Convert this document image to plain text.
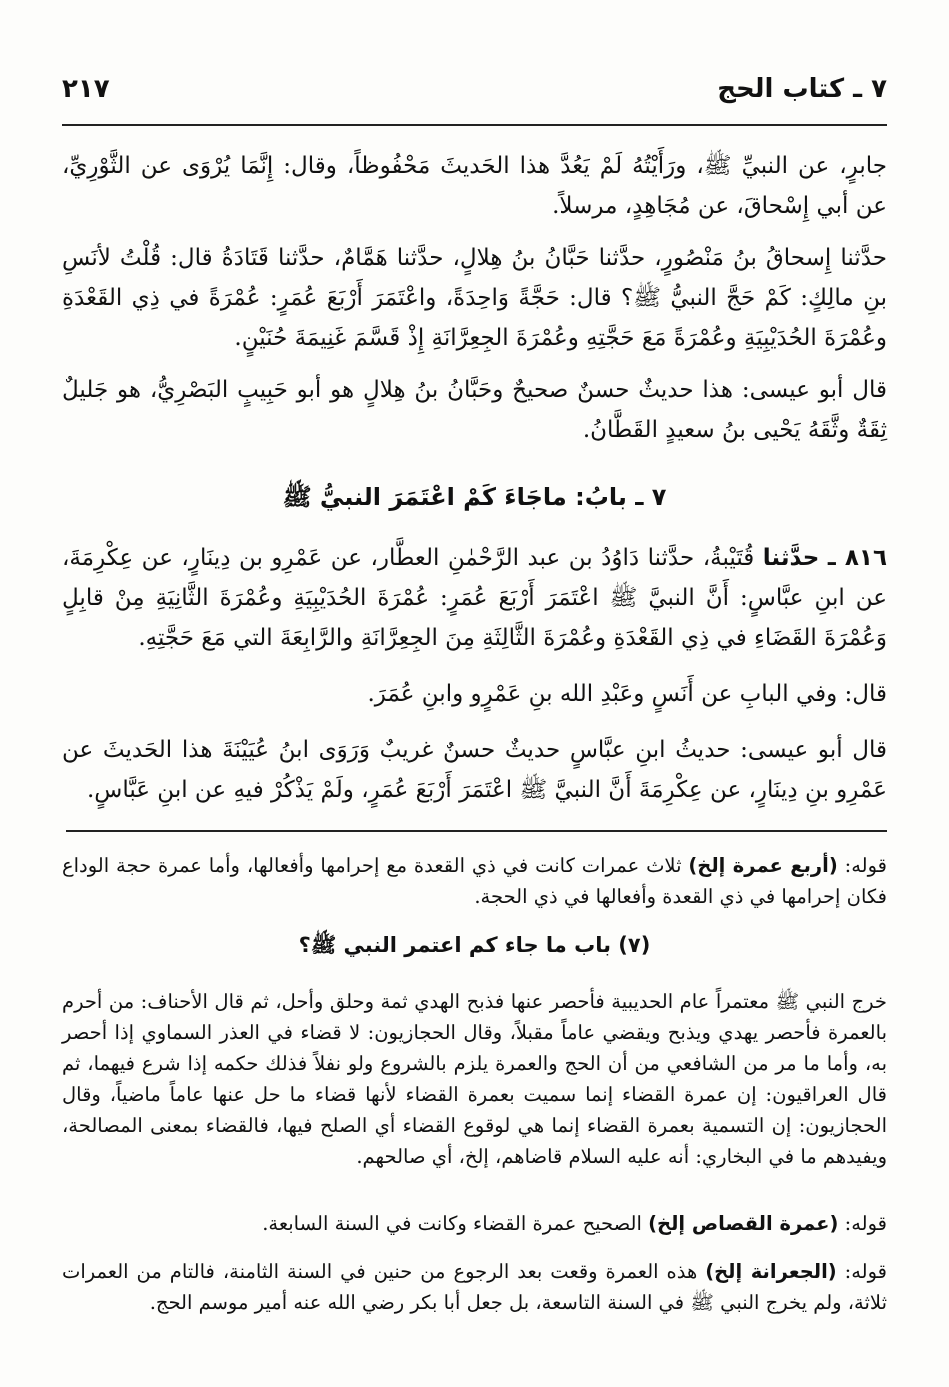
٧ ـ كتاب الحج
٢١٧
جابرٍ، عن النبيِّ ﷺ، ورَأَيْتُهُ لَمْ يَعُدَّ هذا الحَديثَ مَحْفُوظاً، وقال: إِنَّمَا يُرْوَى عن الثَّوْرِيِّ، عن أبي إِسْحاقَ، عن مُجَاهِدٍ، مرسلاً.
حدَّثنا إِسحاقُ بنُ مَنْصُورٍ، حدَّثنا حَبَّانُ بنُ هِلالٍ، حدَّثنا هَمَّامٌ، حدَّثنا قَتَادَةُ قال: قُلْتُ لأنَسِ بنِ مالِكٍ: كَمْ حَجَّ النبيُّ ﷺ؟ قال: حَجَّةً وَاحِدَةً، واعْتَمَرَ أَرْبَعَ عُمَرٍ: عُمْرَةً في ذِي القَعْدَةِ وعُمْرَةَ الحُدَيْبِيَةِ وعُمْرَةً مَعَ حَجَّتِهِ وعُمْرَةَ الجِعِرَّانَةِ إِذْ قَسَّمَ غَنِيمَةَ حُنَيْنٍ.
قال أبو عيسى: هذا حديثٌ حسنٌ صحيحٌ وحَبَّانُ بنُ هِلالٍ هو أبو حَبِيبٍ البَصْرِيُّ، هو جَليلٌ ثِقَةٌ وثَّقَهُ يَحْيى بنُ سعيدٍ القَطَّانُ.
٧ ـ بابُ: ماجَاءَ كَمْ اعْتَمَرَ النبيُّ ﷺ
٨١٦ ـ حدَّثنا قُتَيْبةُ، حدَّثنا دَاوُدُ بن عبد الرَّحْمٰنِ العطَّار، عن عَمْرِو بن دِينَارٍ، عن عِكْرِمَةَ، عن ابنِ عبَّاسٍ: أَنَّ النبيَّ ﷺ اعْتَمَرَ أَرْبَعَ عُمَرٍ: عُمْرَةَ الحُدَيْبِيَةِ وعُمْرَةَ الثَّانِيَةِ مِنْ قابِلٍ وَعُمْرَةَ القَضَاءِ في ذِي القَعْدَةِ وعُمْرَةَ الثَّالِثَةِ مِنَ الجِعِرَّانَةِ والرَّابِعَةَ التي مَعَ حَجَّتِهِ.
قال: وفي البابِ عن أَنَسٍ وعَبْدِ الله بنِ عَمْرٍو وابنِ عُمَرَ.
قال أبو عيسى: حديثُ ابنِ عبَّاسٍ حديثٌ حسنٌ غريبٌ وَرَوَى ابنُ عُيَيْنَةَ هذا الحَديثَ عن عَمْرِو بنِ دِينَارٍ، عن عِكْرِمَةَ أَنَّ النبيَّ ﷺ اعْتَمَرَ أَرْبَعَ عُمَرٍ، ولَمْ يَذْكُرْ فيهِ عن ابنِ عَبَّاسٍ.
قوله: (أربع عمرة إلخ) ثلاث عمرات كانت في ذي القعدة مع إحرامها وأفعالها، وأما عمرة حجة الوداع فكان إحرامها في ذي القعدة وأفعالها في ذي الحجة.
(٧) باب ما جاء كم اعتمر النبي ﷺ؟
خرج النبي ﷺ معتمراً عام الحديبية فأحصر عنها فذبح الهدي ثمة وحلق وأحل، ثم قال الأحناف: من أحرم بالعمرة فأحصر يهدي ويذبح ويقضي عاماً مقبلاً، وقال الحجازيون: لا قضاء في العذر السماوي إذا أحصر به، وأما ما مر من الشافعي من أن الحج والعمرة يلزم بالشروع ولو نفلاً فذلك حكمه إذا شرع فيهما، ثم قال العراقيون: إن عمرة القضاء إنما سميت بعمرة القضاء لأنها قضاء ما حل عنها عاماً ماضياً، وقال الحجازيون: إن التسمية بعمرة القضاء إنما هي لوقوع القضاء أي الصلح فيها، فالقضاء بمعنى المصالحة، ويفيدهم ما في البخاري: أنه عليه السلام قاضاهم، إلخ، أي صالحهم.
قوله: (عمرة القصاص إلخ) الصحيح عمرة القضاء وكانت في السنة السابعة.
قوله: (الجعرانة إلخ) هذه العمرة وقعت بعد الرجوع من حنين في السنة الثامنة، فالتام من العمرات ثلاثة، ولم يخرج النبي ﷺ في السنة التاسعة، بل جعل أبا بكر رضي الله عنه أمير موسم الحج.
